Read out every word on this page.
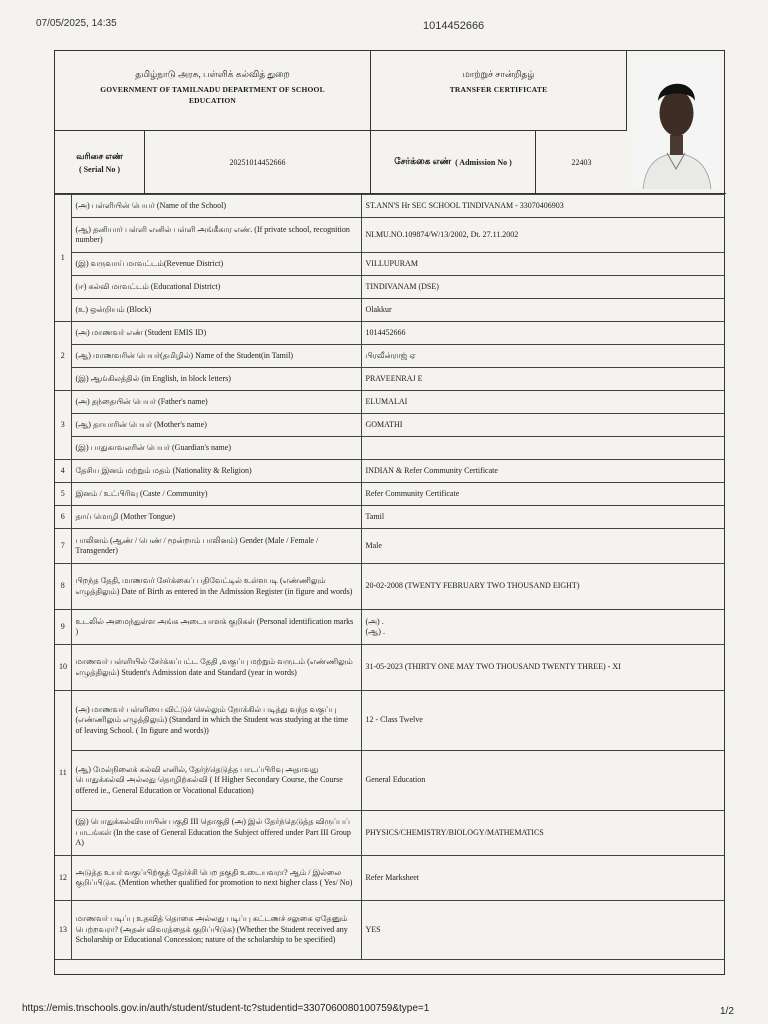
07/05/2025, 14:35	1014452666
தமிழ்நாடு அரசு, பள்ளிக் கல்வித் துறை
GOVERNMENT OF TAMILNADU DEPARTMENT OF SCHOOL
EDUCATION
மாற்றுச் சான்றிதழ்
TRANSFER CERTIFICATE
வரிசை எண்
( Serial No )
20251014452666	சேர்க்கை எண் ( Admission No )	22403
1	(அ) பள்ளியின் பெயர் (Name of the School)	ST.ANN'S Hr SEC SCHOOL TINDIVANAM - 33070406903
	(ஆ) தனியார் பள்ளி எனில் பள்ளி அங்கீகார எண். (If private school, recognition number)	NI.MU.NO.109874/W/13/2002, Dt. 27.11.2002
	(இ) வருவாய் மாவட்டம்(Revenue District)	VILLUPURAM
	(ஈ) கல்வி மாவட்டம் (Educational District)	TINDIVANAM (DSE)
	(உ) ஒன்றியம் (Block)	Olakkur
2	(அ) மாணவர் எண் (Student EMIS ID)	1014452666
	(ஆ) மாணவரின் பெயர்(தமிழில்) Name of the Student(in Tamil)	பிரவீன்ராஜ் ஏ
	(இ) ஆங்கிலத்தில் (in English, in block letters)	PRAVEENRAJ E
3	(அ) தந்தையின் பெயர் (Father's name)	ELUMALAI
	(ஆ) தாயாரின் பெயர் (Mother's name)	GOMATHI
	(இ) பாதுகாவலரின் பெயர் (Guardian's name)	
4	தேசிய இனம் மற்றும் மதம் (Nationality & Religion)	INDIAN & Refer Community Certificate
5	இனம் / உட்பிரிவு (Caste / Community)	Refer Community Certificate
6	தாய் மொழி (Mother Tongue)	Tamil
7	பாலினம் (ஆண் / பெண் / மூன்றாம் பாலினம்) Gender (Male / Female / Transgender)	Male
8	பிறந்த தேதி, மாணவர் சேர்க்கைப் பதிவேட்டில் உள்ளபடி (எண்ணிலும் எழுத்திலும்) Date of Birth as entered in the Admission Register (in figure and words)	20-02-2008 (TWENTY FEBRUARY TWO THOUSAND EIGHT)
9	உடலில் அமைந்துள்ள அங்க அடையாளக் குறிகள் (Personal identification marks )	(அ) .
(ஆ) .
10	மாணவர் பள்ளியில் சேர்க்கப்பட்ட தேதி ,வகுப்பு மற்றும் வருடம் (எண்ணிலும் எழுத்திலும்) Student's Admission date and Standard (year in words)	31-05-2023 (THIRTY ONE MAY TWO THOUSAND TWENTY THREE) - XI
11	(அ) மாணவர் பள்ளியை விட்டுச் செல்லும் நோக்கில் படித்து வந்த வகுப்பு (எண்ணிலும் எழுத்திலும்) (Standard in which the Student was studying at the time of leaving School. ( In figure and words))	12 - Class Twelve
	(ஆ) மேல்நிலைக் கல்வி எனில், தேர்ந்தெடுத்த பாடப்பிரிவு அதாவது பொதுக்கல்வி அல்லது தொழிற்கல்வி ( If Higher Secondary Course, the Course offered ie., General Education or Vocational Education)	General Education
	(இ) பொதுக்கல்வியாயின் பகுதி III தொகுதி (அ) இல் தேர்ந்தெடுத்த விருப்பப் பாடங்கள் (In the case of General Education the Subject offered under Part III Group A)	PHYSICS/CHEMISTRY/BIOLOGY/MATHEMATICS
12	அடுத்த உயர் வகுப்பிற்குத் தேர்ச்சி பெற தகுதி உடையவரா? ஆம் / இல்லை குறிப்பிடுக. (Mention whether qualified for promotion to next higher class ( Yes/ No)	Refer Marksheet
13	மாணவர் படிப்பு உதவித் தொகை அல்லது படிப்பு கட்டணச் சலுகை ஏதேனும் பெற்றவரா? (அதன் விவரத்தைக் குறிப்பிடுக) (Whether the Student received any Scholarship or Educational Concession; nature of the scholarship to be specified)	YES
https://emis.tnschools.gov.in/auth/student/student-tc?studentid=3307060080100759&type=1	1/2
